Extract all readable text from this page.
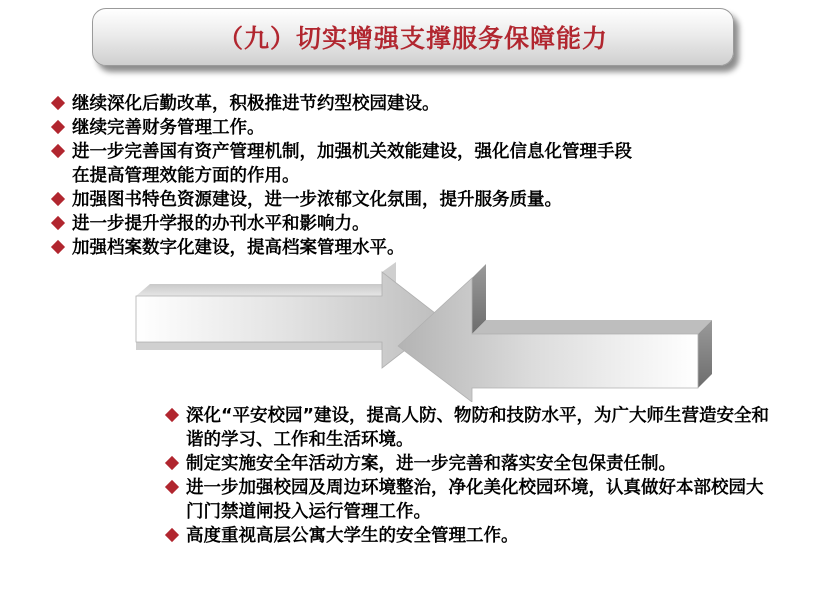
（九）切实增强支撑服务保障能力
继续深化后勤改革，积极推进节约型校园建设。
继续完善财务管理工作。
进一步完善国有资产管理机制，加强机关效能建设，强化信息化管理手段在提高管理效能方面的作用。
加强图书特色资源建设，进一步浓郁文化氛围，提升服务质量。
进一步提升学报的办刊水平和影响力。
加强档案数字化建设，提高档案管理水平。
深化“平安校园”建设，提高人防、物防和技防水平，为广大师生营造安全和谐的学习、工作和生活环境。
制定实施安全年活动方案，进一步完善和落实安全包保责任制。
进一步加强校园及周边环境整治，净化美化校园环境，认真做好本部校园大门门禁道闸投入运行管理工作。
高度重视高层公寓大学生的安全管理工作。
